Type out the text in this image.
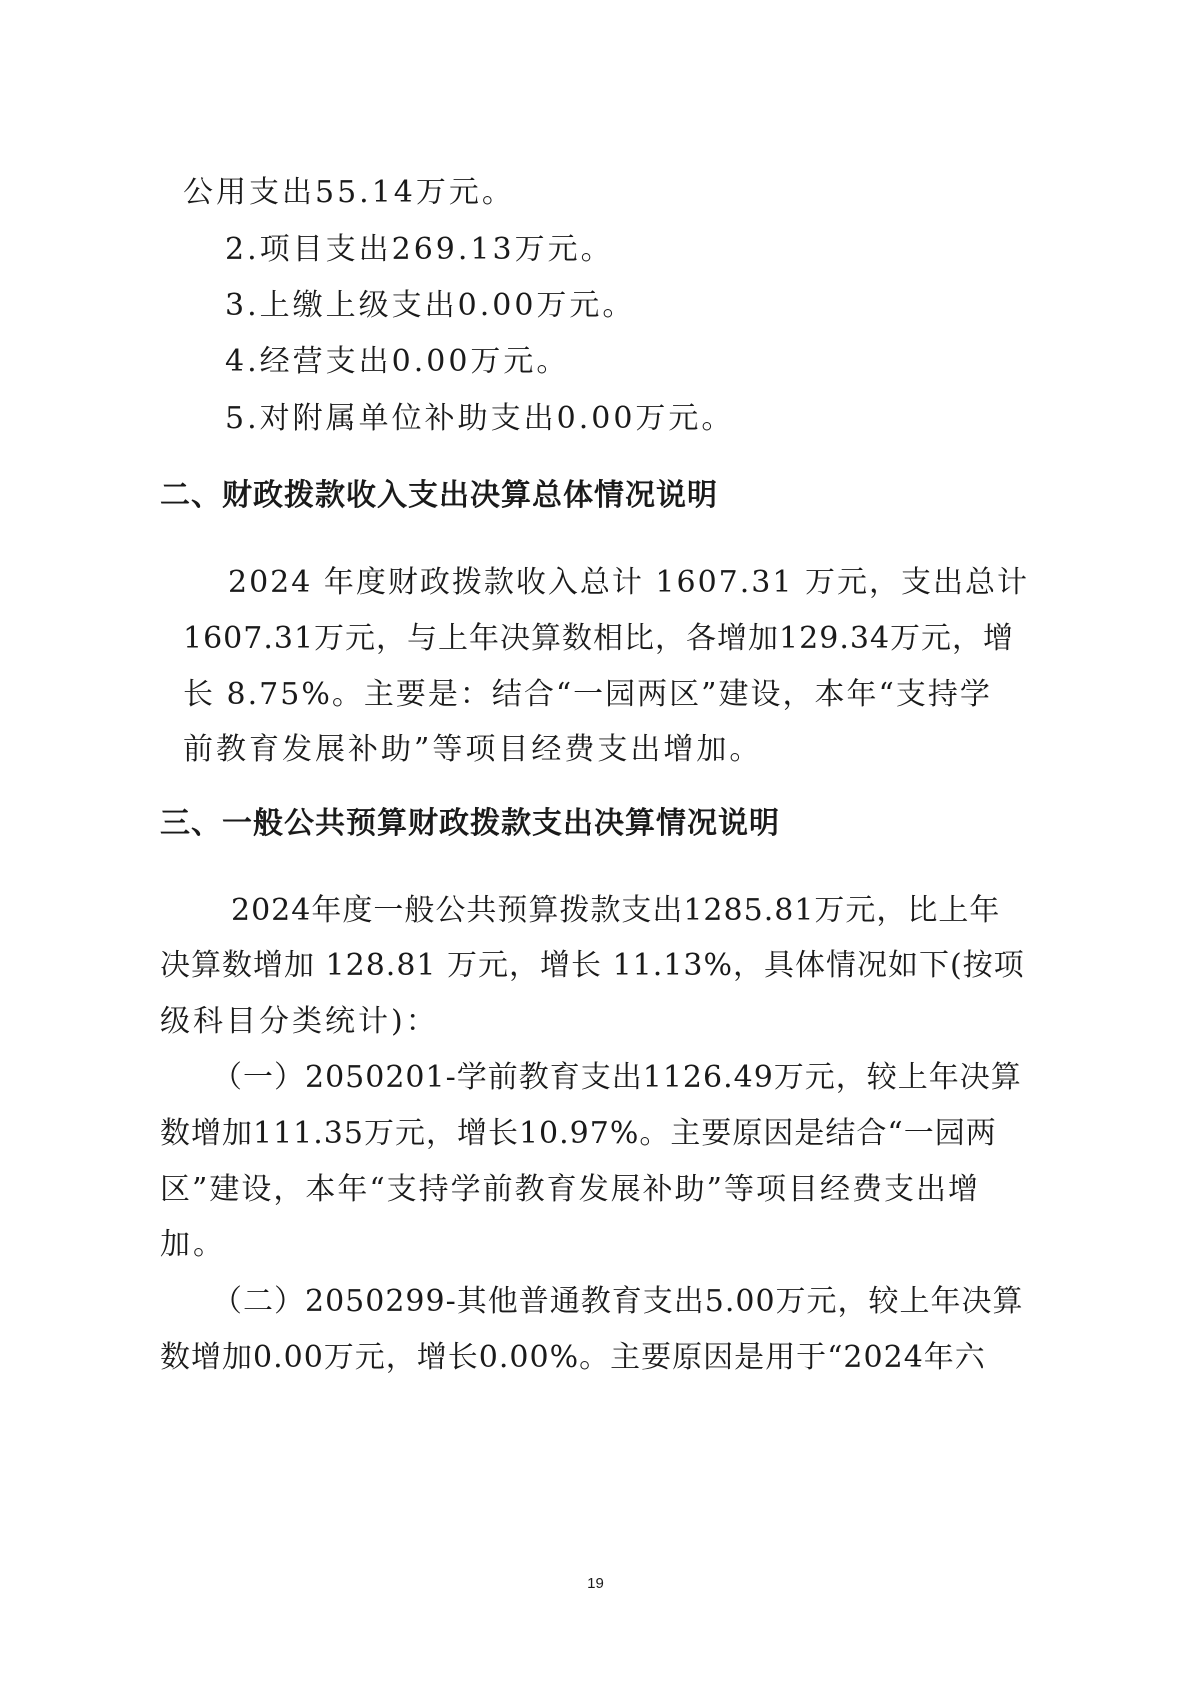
公用支出55.14万元。
2.项目支出269.13万元。
3.上缴上级支出0.00万元。
4.经营支出0.00万元。
5.对附属单位补助支出0.00万元。
二、财政拨款收入支出决算总体情况说明
2024 年度财政拨款收入总计 1607.31 万元，支出总计
1607.31万元，与上年决算数相比，各增加129.34万元，增
长 8.75%。主要是：结合“一园两区”建设，本年“支持学
前教育发展补助”等项目经费支出增加。
三、一般公共预算财政拨款支出决算情况说明
2024年度一般公共预算拨款支出1285.81万元，比上年
决算数增加 128.81 万元，增长 11.13%，具体情况如下(按项
级科目分类统计)：
（一）2050201-学前教育支出1126.49万元，较上年决算
数增加111.35万元，增长10.97%。主要原因是结合“一园两
区”建设，本年“支持学前教育发展补助”等项目经费支出增
加。
（二）2050299-其他普通教育支出5.00万元，较上年决算
数增加0.00万元，增长0.00%。主要原因是用于“2024年六
19
